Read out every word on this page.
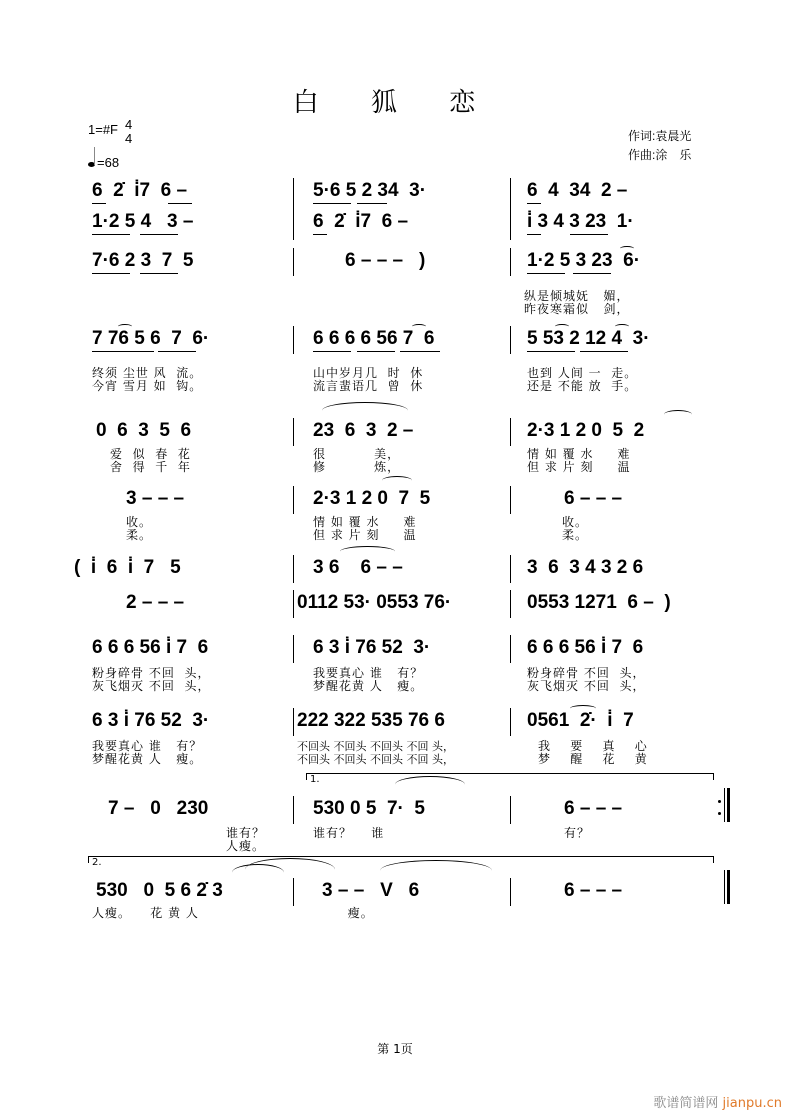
白 狐 恋
1=#F 4
4
=68
作词:袁晨光
作曲:涂　乐
6  2̇  i̇7  6 –	5·6 5 2 34  3·	6  4  34  2 –
1·2 5 4   3 –	6  2̇  i̇7  6 –	i̇ 3 4 3 23  1·
7·6 2 3  7  5	6 – – –   )	1·2 5 3 23  6·
纵是倾城妩   媚，
昨夜寒霜似   剑，
7 76 5 6  7  6·	6 6 6 6 56 7  6	5 53 2 12 4  3·
终须 尘世 风  流。
今宵 雪月 如  钩。
山中岁月几  时  休
流言蜚语几  曾  休
也到 人间 一  走。
还是 不能 放  手。
0  6  3  5  6	23  6  3  2 –	2·3 1 2 0  5  2
爱  似  春  花
舍  得  千  年
很          美，
修          炼，
情 如 覆 水     难
但 求 片 刻     温
3 – – –	2·3 1 2 0  7  5	6 – – –
收。
柔。
情 如 覆 水     难
但 求 片 刻     温
收。
柔。
(  i̇  6  i̇  7   5	3 6    6 – –	3  6  3 4 3 2 6
2 – – –	0112 53· 0553 76·	0553 1271  6 –  )
6 6 6 56 i̇ 7  6	6 3 i̇ 76 52  3·	6 6 6 56 i̇ 7  6
粉身碎骨 不回  头，
灰飞烟灭 不回  头，
我要真心 谁   有？
梦醒花黄 人   瘦。
粉身碎骨 不回  头，
灰飞烟灭 不回  头，
6 3 i̇ 76 52  3·	222 322 535 76 6	0561  2̇·  i̇  7
我要真心 谁   有？
梦醒花黄 人   瘦。
不回头 不回头 不回头 不回 头，
不回头 不回头 不回头 不回 头，
我    要    真    心
梦    醒    花    黄
1.
7 –   0   230	530 0 5  7·  5	6 – – –
谁有？
人瘦。
谁有？    谁	有？
2.
530   0  5 6 2̇ 3	3 – –   V   6	6 – – –
人瘦。    花 黄 人	瘦。
第 1页
歌谱简谱网 jianpu.cn
